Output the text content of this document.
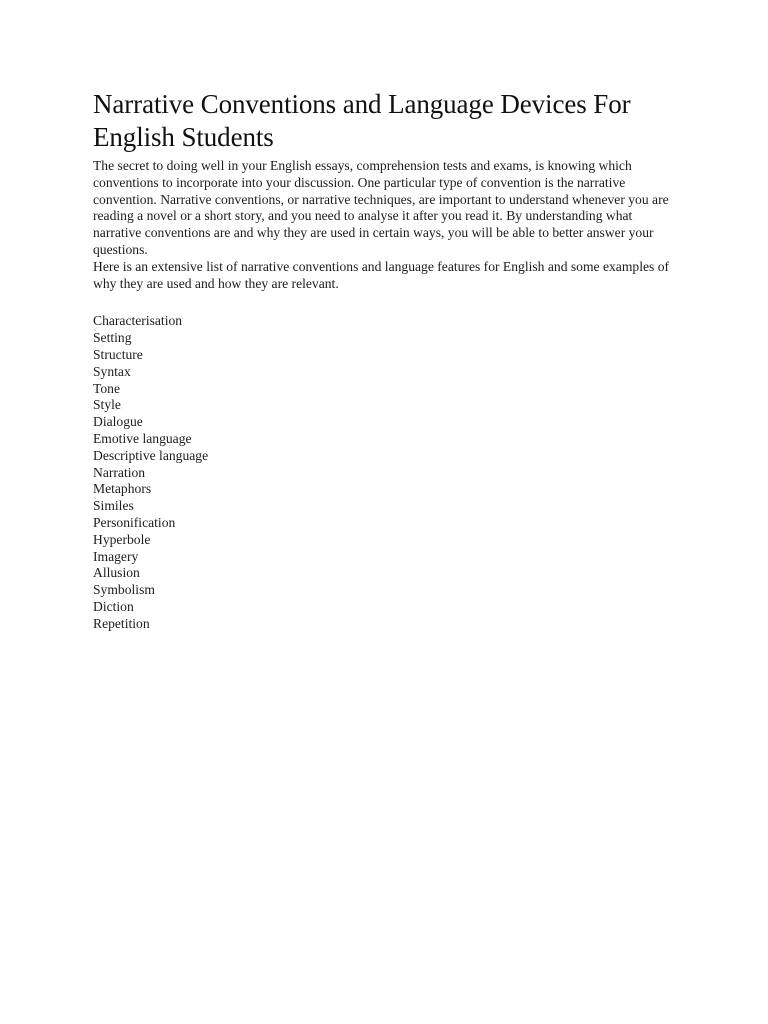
Narrative Conventions and Language Devices For English Students

The secret to doing well in your English essays, comprehension tests and exams, is knowing which conventions to incorporate into your discussion. One particular type of convention is the narrative convention. Narrative conventions, or narrative techniques, are important to understand whenever you are reading a novel or a short story, and you need to analyse it after you read it. By understanding what narrative conventions are and why they are used in certain ways, you will be able to better answer your questions.

Here is an extensive list of narrative conventions and language features for English and some examples of why they are used and how they are relevant.

Characterisation
Setting
Structure
Syntax
Tone
Style
Dialogue
Emotive language
Descriptive language
Narration
Metaphors
Similes
Personification
Hyperbole
Imagery
Allusion
Symbolism
Diction
Repetition
